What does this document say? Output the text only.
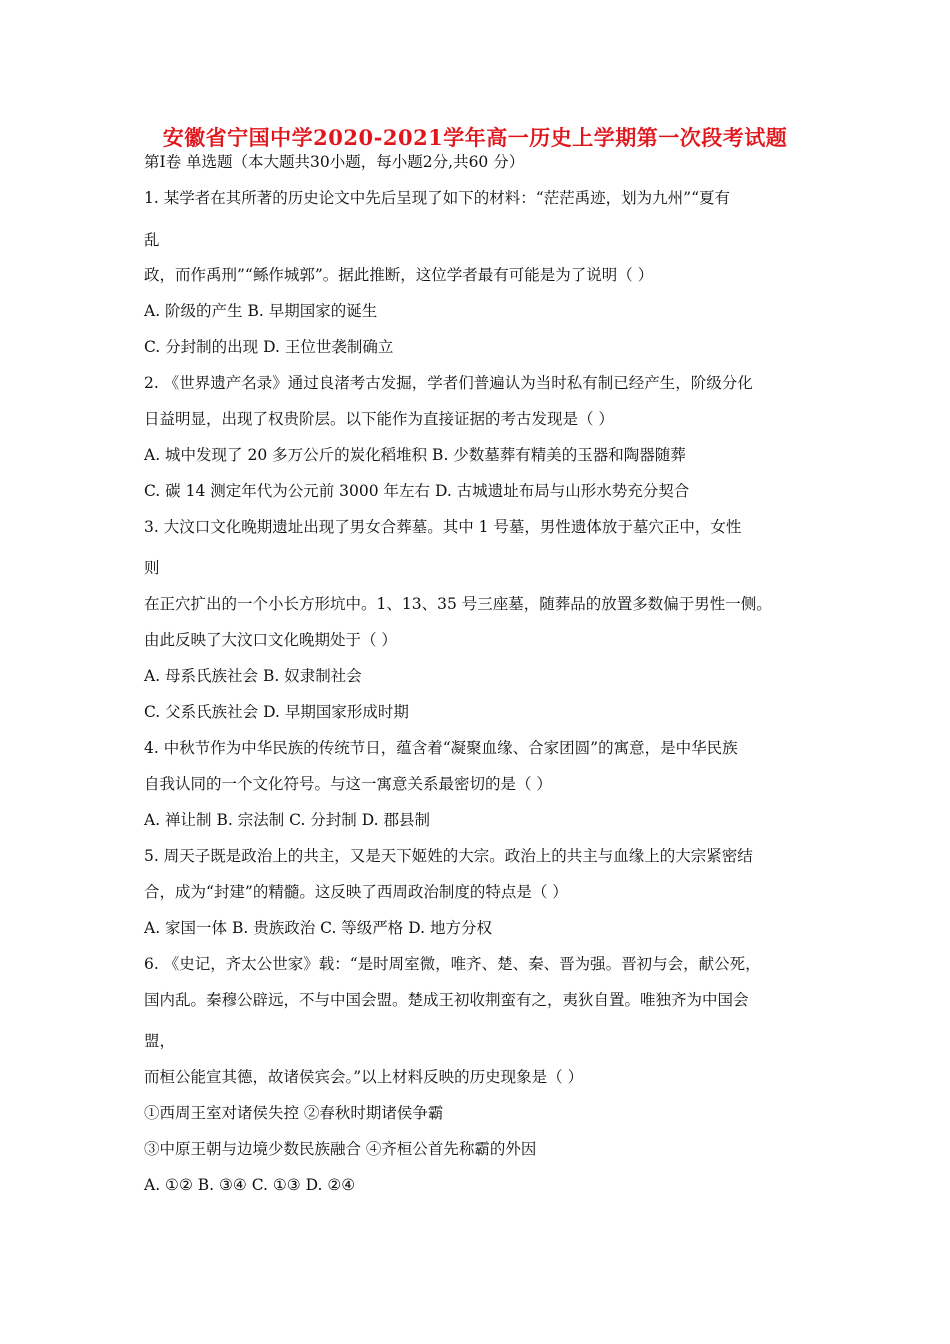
安徽省宁国中学2020-2021学年高一历史上学期第一次段考试题
第Ⅰ卷 单选题（本大题共30小题，每小题2分,共60 分）
1. 某学者在其所著的历史论文中先后呈现了如下的材料：“茫茫禹迹，划为九州”“夏有
乱
政，而作禹刑”“鲧作城郭”。据此推断，这位学者最有可能是为了说明（ ）
A. 阶级的产生 B. 早期国家的诞生
C. 分封制的出现 D. 王位世袭制确立
2. 《世界遗产名录》通过良渚考古发掘，学者们普遍认为当时私有制已经产生，阶级分化
日益明显，出现了权贵阶层。以下能作为直接证据的考古发现是（ ）
A. 城中发现了 20 多万公斤的炭化稻堆积 B. 少数墓葬有精美的玉器和陶器随葬
C. 碳 14 测定年代为公元前 3000 年左右 D. 古城遗址布局与山形水势充分契合
3. 大汶口文化晚期遗址出现了男女合葬墓。其中 1 号墓，男性遗体放于墓穴正中，女性
则
在正穴扩出的一个小长方形坑中。1、13、35 号三座墓，随葬品的放置多数偏于男性一侧。
由此反映了大汶口文化晚期处于（ ）
A. 母系氏族社会 B. 奴隶制社会
C. 父系氏族社会 D. 早期国家形成时期
4. 中秋节作为中华民族的传统节日，蕴含着“凝聚血缘、合家团圆”的寓意，是中华民族
自我认同的一个文化符号。与这一寓意关系最密切的是（ ）
A. 禅让制 B. 宗法制 C. 分封制 D. 郡县制
5. 周天子既是政治上的共主，又是天下姬姓的大宗。政治上的共主与血缘上的大宗紧密结
合，成为“封建”的精髓。这反映了西周政治制度的特点是（ ）
A. 家国一体 B. 贵族政治 C. 等级严格 D. 地方分权
6. 《史记，齐太公世家》载：“是时周室微，唯齐、楚、秦、晋为强。晋初与会，献公死，
国内乱。秦穆公辟远，不与中国会盟。楚成王初收荆蛮有之，夷狄自置。唯独齐为中国会
盟，
而桓公能宣其德，故诸侯宾会。”以上材料反映的历史现象是（ ）
①西周王室对诸侯失控 ②春秋时期诸侯争霸
③中原王朝与边境少数民族融合 ④齐桓公首先称霸的外因
A. ①② B. ③④ C. ①③ D. ②④
